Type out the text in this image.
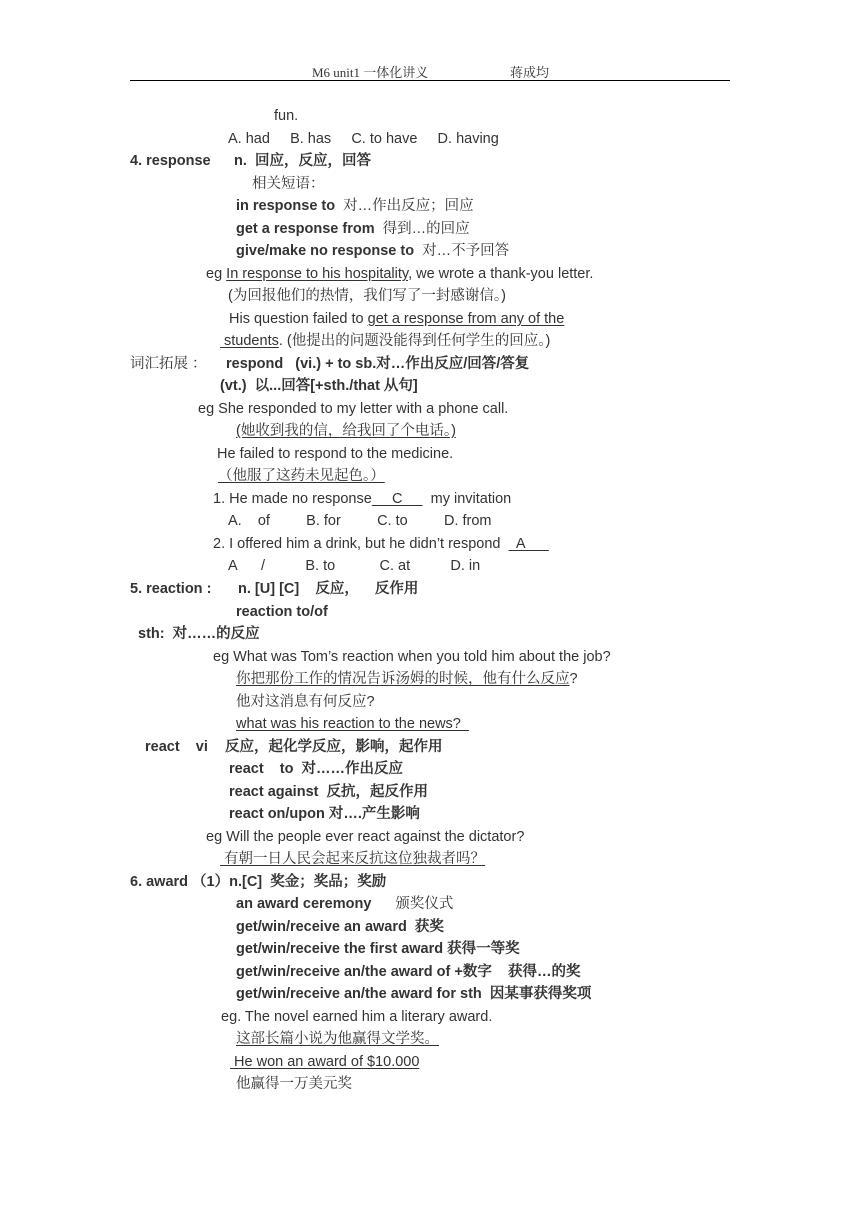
M6 unit1 一体化讲义	蒋成均
fun.
A. had     B. has     C. to have     D. having
4. response n.  回应，反应，回答
相关短语：
in response to 对…作出反应；回应
get a response from 得到…的回应
give/make no response to 对…不予回答
eg In response to his hospitality, we wrote a thank-you letter.
(为回报他们的热情，我们写了一封感谢信。)
His question failed to get a response from any of the
students. (他提出的问题没能得到任何学生的回应。)
词汇拓展 ： respond   (vi.) + to sb.对…作出反应/回答/答复
(vt.)  以...回答[+sth./that 从句]
eg She responded to my letter with a phone call.
(她收到我的信，给我回了个电话。)
He failed to respond to the medicine.
（他服了这药未见起色。）
1. He made no response     C       my invitation
A.    of         B. for         C. to         D. from
2. I offered him a drink, but he didn’t respond    A
A      /          B. to           C. at          D. in
5. reaction : n. [U] [C]    反应，    反作用
reaction to/of
sth:  对……的反应
eg What was Tom’s reaction when you told him about the job?
你把那份工作的情况告诉汤姆的时候，他有什么反应?
他对这消息有何反应?
what was his reaction to the news?
react    vi 反应，起化学反应，影响，起作用
react    to  对……作出反应
react against  反抗，起反作用
react on/upon 对….产生影响
eg Will the people ever react against the dictator?
有朝一日人民会起来反抗这位独裁者吗？
6. award （1）n.[C]  奖金；奖品；奖励
an award ceremony 颁奖仪式
get/win/receive an award  获奖
get/win/receive the first award 获得一等奖
get/win/receive an/the award of +数字    获得…的奖
get/win/receive an/the award for sth  因某事获得奖项
eg. The novel earned him a literary award.
这部长篇小说为他赢得文学奖。
He won an award of $10.000
他赢得一万美元奖
